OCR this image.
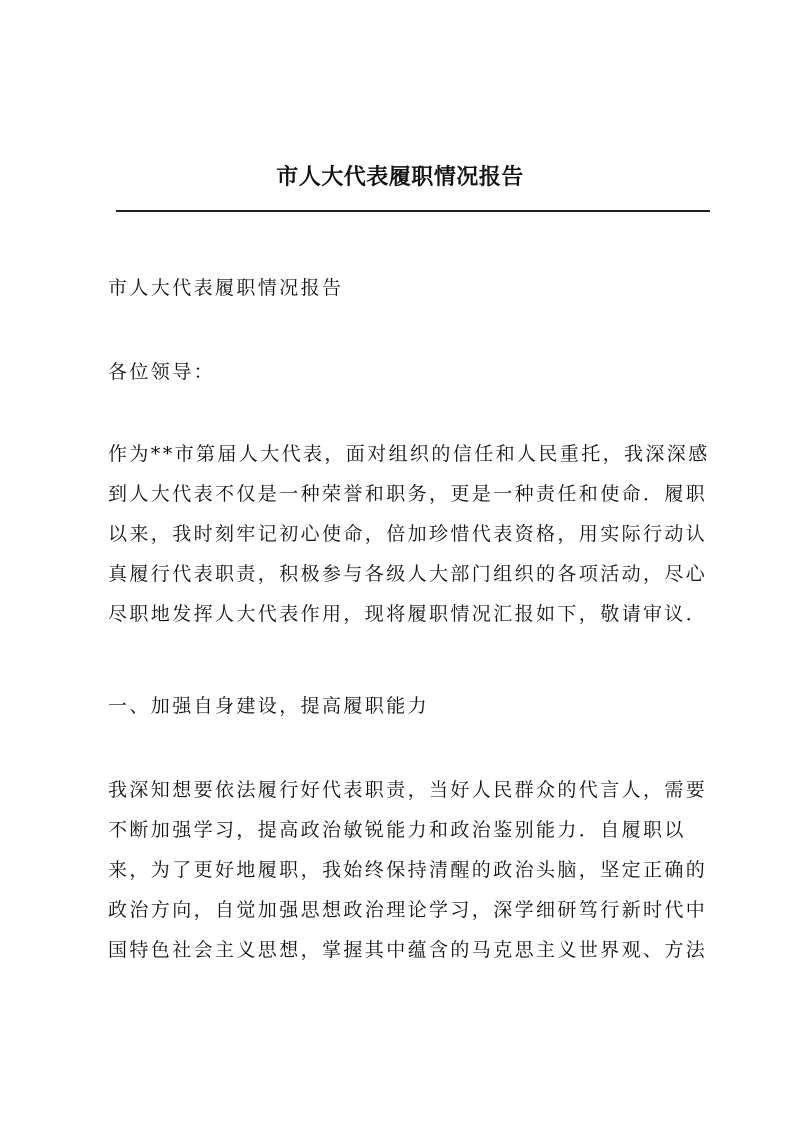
市人大代表履职情况报告
市人大代表履职情况报告
各位领导：
作为**市第届人大代表，面对组织的信任和人民重托，我深深感
到人大代表不仅是一种荣誉和职务，更是一种责任和使命．履职
以来，我时刻牢记初心使命，倍加珍惜代表资格，用实际行动认
真履行代表职责，积极参与各级人大部门组织的各项活动，尽心
尽职地发挥人大代表作用，现将履职情况汇报如下，敬请审议．
一、加强自身建设，提高履职能力
我深知想要依法履行好代表职责，当好人民群众的代言人，需要
不断加强学习，提高政治敏锐能力和政治鉴别能力．自履职以
来，为了更好地履职，我始终保持清醒的政治头脑，坚定正确的
政治方向，自觉加强思想政治理论学习，深学细研笃行新时代中
国特色社会主义思想，掌握其中蕴含的马克思主义世界观、方法
